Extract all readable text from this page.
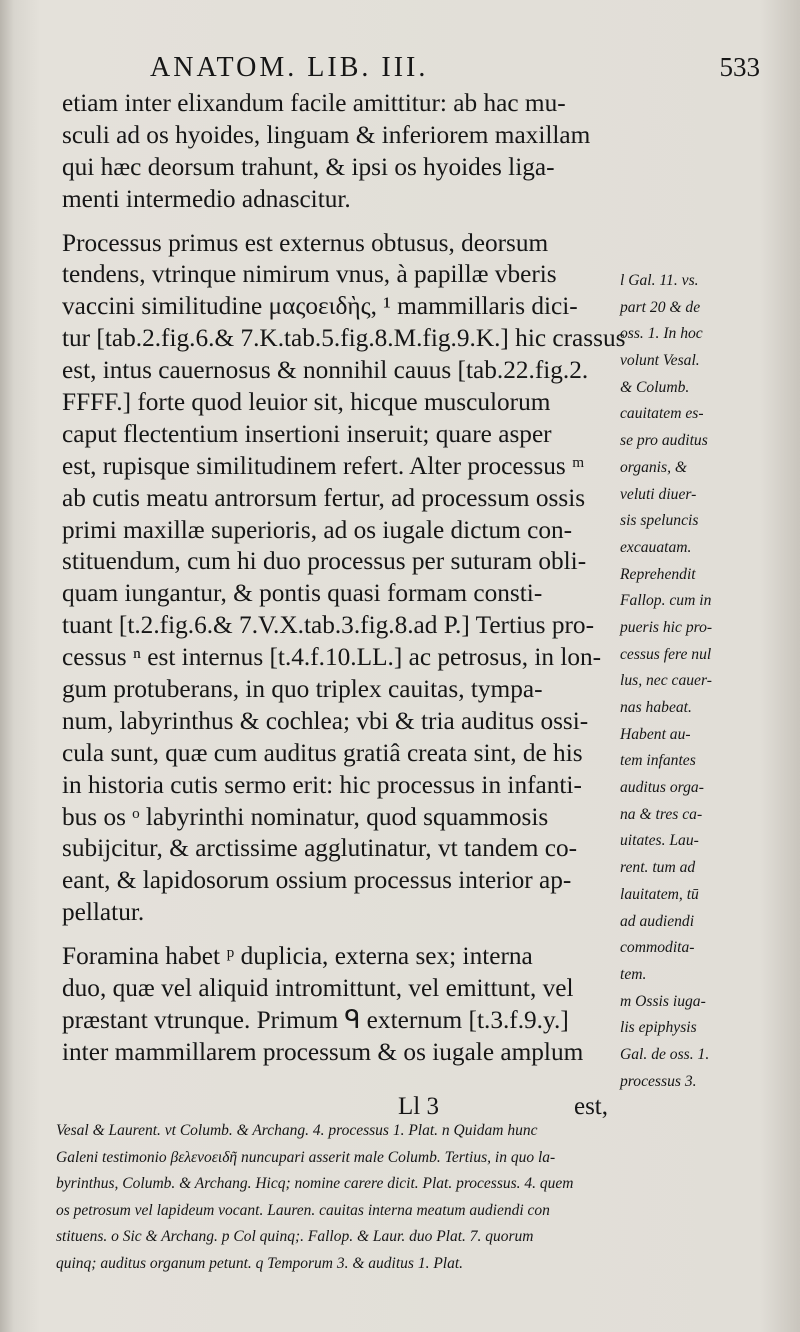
ANATOM. LIB. III.	533
etiam inter elixandum facile amittitur: ab hac mu-
sculi ad os hyoides, linguam & inferiorem maxillam
qui hæc deorsum trahunt, & ipsi os hyoides liga-
menti intermedio adnascitur.
Processus primus est externus obtusus, deorsum
tendens, vtrinque nimirum vnus, à papillæ vberis
vaccini similitudine μαςοειδὴς, ¹ mammillaris dici-
tur [tab.2.fig.6.& 7.K.tab.5.fig.8.M.fig.9.K.] hic crassus
est, intus cauernosus & nonnihil cauus [tab.22.fig.2.
FFFF.] forte quod leuior sit, hicque musculorum
caput flectentium insertioni inseruit; quare asper
est, rupisque similitudinem refert. Alter processus ᵐ
ab cutis meatu antrorsum fertur, ad processum ossis
primi maxillæ superioris, ad os iugale dictum con-
stituendum, cum hi duo processus per suturam obli-
quam iungantur, & pontis quasi formam consti-
tuant [t.2.fig.6.& 7.V.X.tab.3.fig.8.ad P.] Tertius pro-
cessus ⁿ est internus [t.4.f.10.LL.] ac petrosus, in lon-
gum protuberans, in quo triplex cauitas, tympa-
num, labyrinthus & cochlea; vbi & tria auditus ossi-
cula sunt, quæ cum auditus gratiâ creata sint, de his
in historia cutis sermo erit: hic processus in infanti-
bus os ᵒ labyrinthi nominatur, quod squammosis
subijcitur, & arctissime agglutinatur, vt tandem co-
eant, & lapidosorum ossium processus interior ap-
pellatur.
Foramina habet ᵖ duplicia, externa sex; interna
duo, quæ vel aliquid intromittunt, vel emittunt, vel
præstant vtrunque. Primum ᑫ externum [t.3.f.9.y.]
inter mammillarem processum & os iugale amplum
l Gal. 11. vs.
part 20 & de
oss. 1. In hoc
volunt Vesal.
& Columb.
cauitatem es-
se pro auditus
organis, &
veluti diuer-
sis speluncis
excauatam.
Reprehendit
Fallop. cum in
pueris hic pro-
cessus fere nul
lus, nec cauer-
nas habeat.
Habent au-
tem infantes
auditus orga-
na & tres ca-
uitates. Lau-
rent. tum ad
lauitatem, tū
ad audiendi
commodita-
tem.
m Ossis iuga-
lis epiphysis
Gal. de oss. 1.
processus 3.
Ll 3	est,
Vesal & Laurent. vt Columb. & Archang. 4. processus 1. Plat. n Quidam hunc
Galeni testimonio βελενοειδῆ nuncupari asserit male Columb. Tertius, in quo la-
byrinthus, Columb. & Archang. Hicq; nomine carere dicit. Plat. processus. 4. quem
os petrosum vel lapideum vocant. Lauren. cauitas interna meatum audiendi con
stituens. o Sic & Archang. p Col quinq;. Fallop. & Laur. duo Plat. 7. quorum
quinq; auditus organum petunt. q Temporum 3. & auditus 1. Plat.
